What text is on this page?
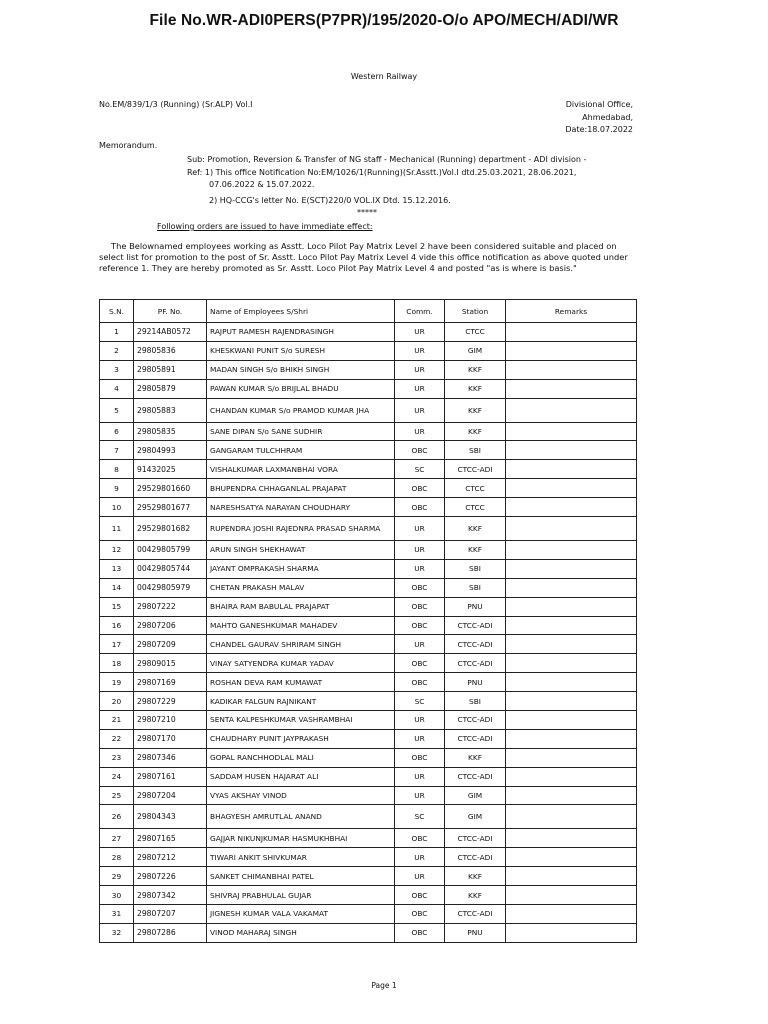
File No.WR-ADI0PERS(P7PR)/195/2020-O/o APO/MECH/ADI/WR
Western Railway
No.EM/839/1/3 (Running) (Sr.ALP) Vol.I	Divisional Office,
Ahmedabad,
Date:18.07.2022
Memorandum.
Sub: Promotion, Reversion & Transfer of NG staff - Mechanical (Running) department - ADI division -
Ref: 1) This office Notification No:EM/1026/1(Running)(Sr.Asstt.)Vol.I dtd.25.03.2021, 28.06.2021,
07.06.2022 & 15.07.2022.
2) HQ-CCG's letter No. E(SCT)220/0 VOL.IX Dtd. 15.12.2016.
*****
Following orders are issued to have immediate effect:
The Belownamed employees working as Asstt. Loco Pilot Pay Matrix Level 2 have been considered suitable and placed on select list for promotion to the post of Sr. Asstt. Loco Pilot Pay Matrix Level 4 vide this office notification as above quoted under reference 1. They are hereby promoted as Sr. Asstt. Loco Pilot Pay Matrix Level 4 and posted "as is where is basis."
S.N.	PF. No.	Name of Employees S/Shri	Comm.	Station	Remarks
1	29214AB0572	RAJPUT RAMESH RAJENDRASINGH	UR	CTCC	
2	29805836	KHESKWANI PUNIT S/o SURESH	UR	GIM	
3	29805891	MADAN SINGH S/o BHIKH SINGH	UR	KKF	
4	29805879	PAWAN KUMAR S/o BRIJLAL BHADU	UR	KKF	
5	29805883	CHANDAN KUMAR S/o PRAMOD KUMAR JHA	UR	KKF	
6	29805835	SANE DIPAN S/o SANE SUDHIR	UR	KKF	
7	29804993	GANGARAM TULCHHRAM	OBC	SBI	
8	91432025	VISHALKUMAR LAXMANBHAI VORA	SC	CTCC-ADI	
9	29529801660	BHUPENDRA CHHAGANLAL PRAJAPAT	OBC	CTCC	
10	29529801677	NARESHSATYA NARAYAN CHOUDHARY	OBC	CTCC	
11	29529801682	RUPENDRA JOSHI RAJEDNRA PRASAD SHARMA	UR	KKF	
12	00429805799	ARUN SINGH SHEKHAWAT	UR	KKF	
13	00429805744	JAYANT OMPRAKASH SHARMA	UR	SBI	
14	00429805979	CHETAN PRAKASH MALAV	OBC	SBI	
15	29807222	BHAIRA RAM BABULAL PRAJAPAT	OBC	PNU	
16	29807206	MAHTO GANESHKUMAR MAHADEV	OBC	CTCC-ADI	
17	29807209	CHANDEL GAURAV SHRIRAM SINGH	UR	CTCC-ADI	
18	29809015	VINAY SATYENDRA KUMAR YADAV	OBC	CTCC-ADI	
19	29807169	ROSHAN DEVA RAM KUMAWAT	OBC	PNU	
20	29807229	KADIKAR FALGUN RAJNIKANT	SC	SBI	
21	29807210	SENTA KALPESHKUMAR VASHRAMBHAI	UR	CTCC-ADI	
22	29807170	CHAUDHARY PUNIT JAYPRAKASH	UR	CTCC-ADI	
23	29807346	GOPAL RANCHHODLAL MALI	OBC	KKF	
24	29807161	SADDAM HUSEN HAJARAT ALI	UR	CTCC-ADI	
25	29807204	VYAS AKSHAY VINOD	UR	GIM	
26	29804343	BHAGYESH AMRUTLAL ANAND	SC	GIM	
27	29807165	GAJJAR NIKUNJKUMAR HASMUKHBHAI	OBC	CTCC-ADI	
28	29807212	TIWARI ANKIT SHIVKUMAR	UR	CTCC-ADI	
29	29807226	SANKET CHIMANBHAI PATEL	UR	KKF	
30	29807342	SHIVRAJ PRABHULAL GUJAR	OBC	KKF	
31	29807207	JIGNESH KUMAR VALA VAKAMAT	OBC	CTCC-ADI	
32	29807286	VINOD MAHARAJ SINGH	OBC	PNU	
Page 1
